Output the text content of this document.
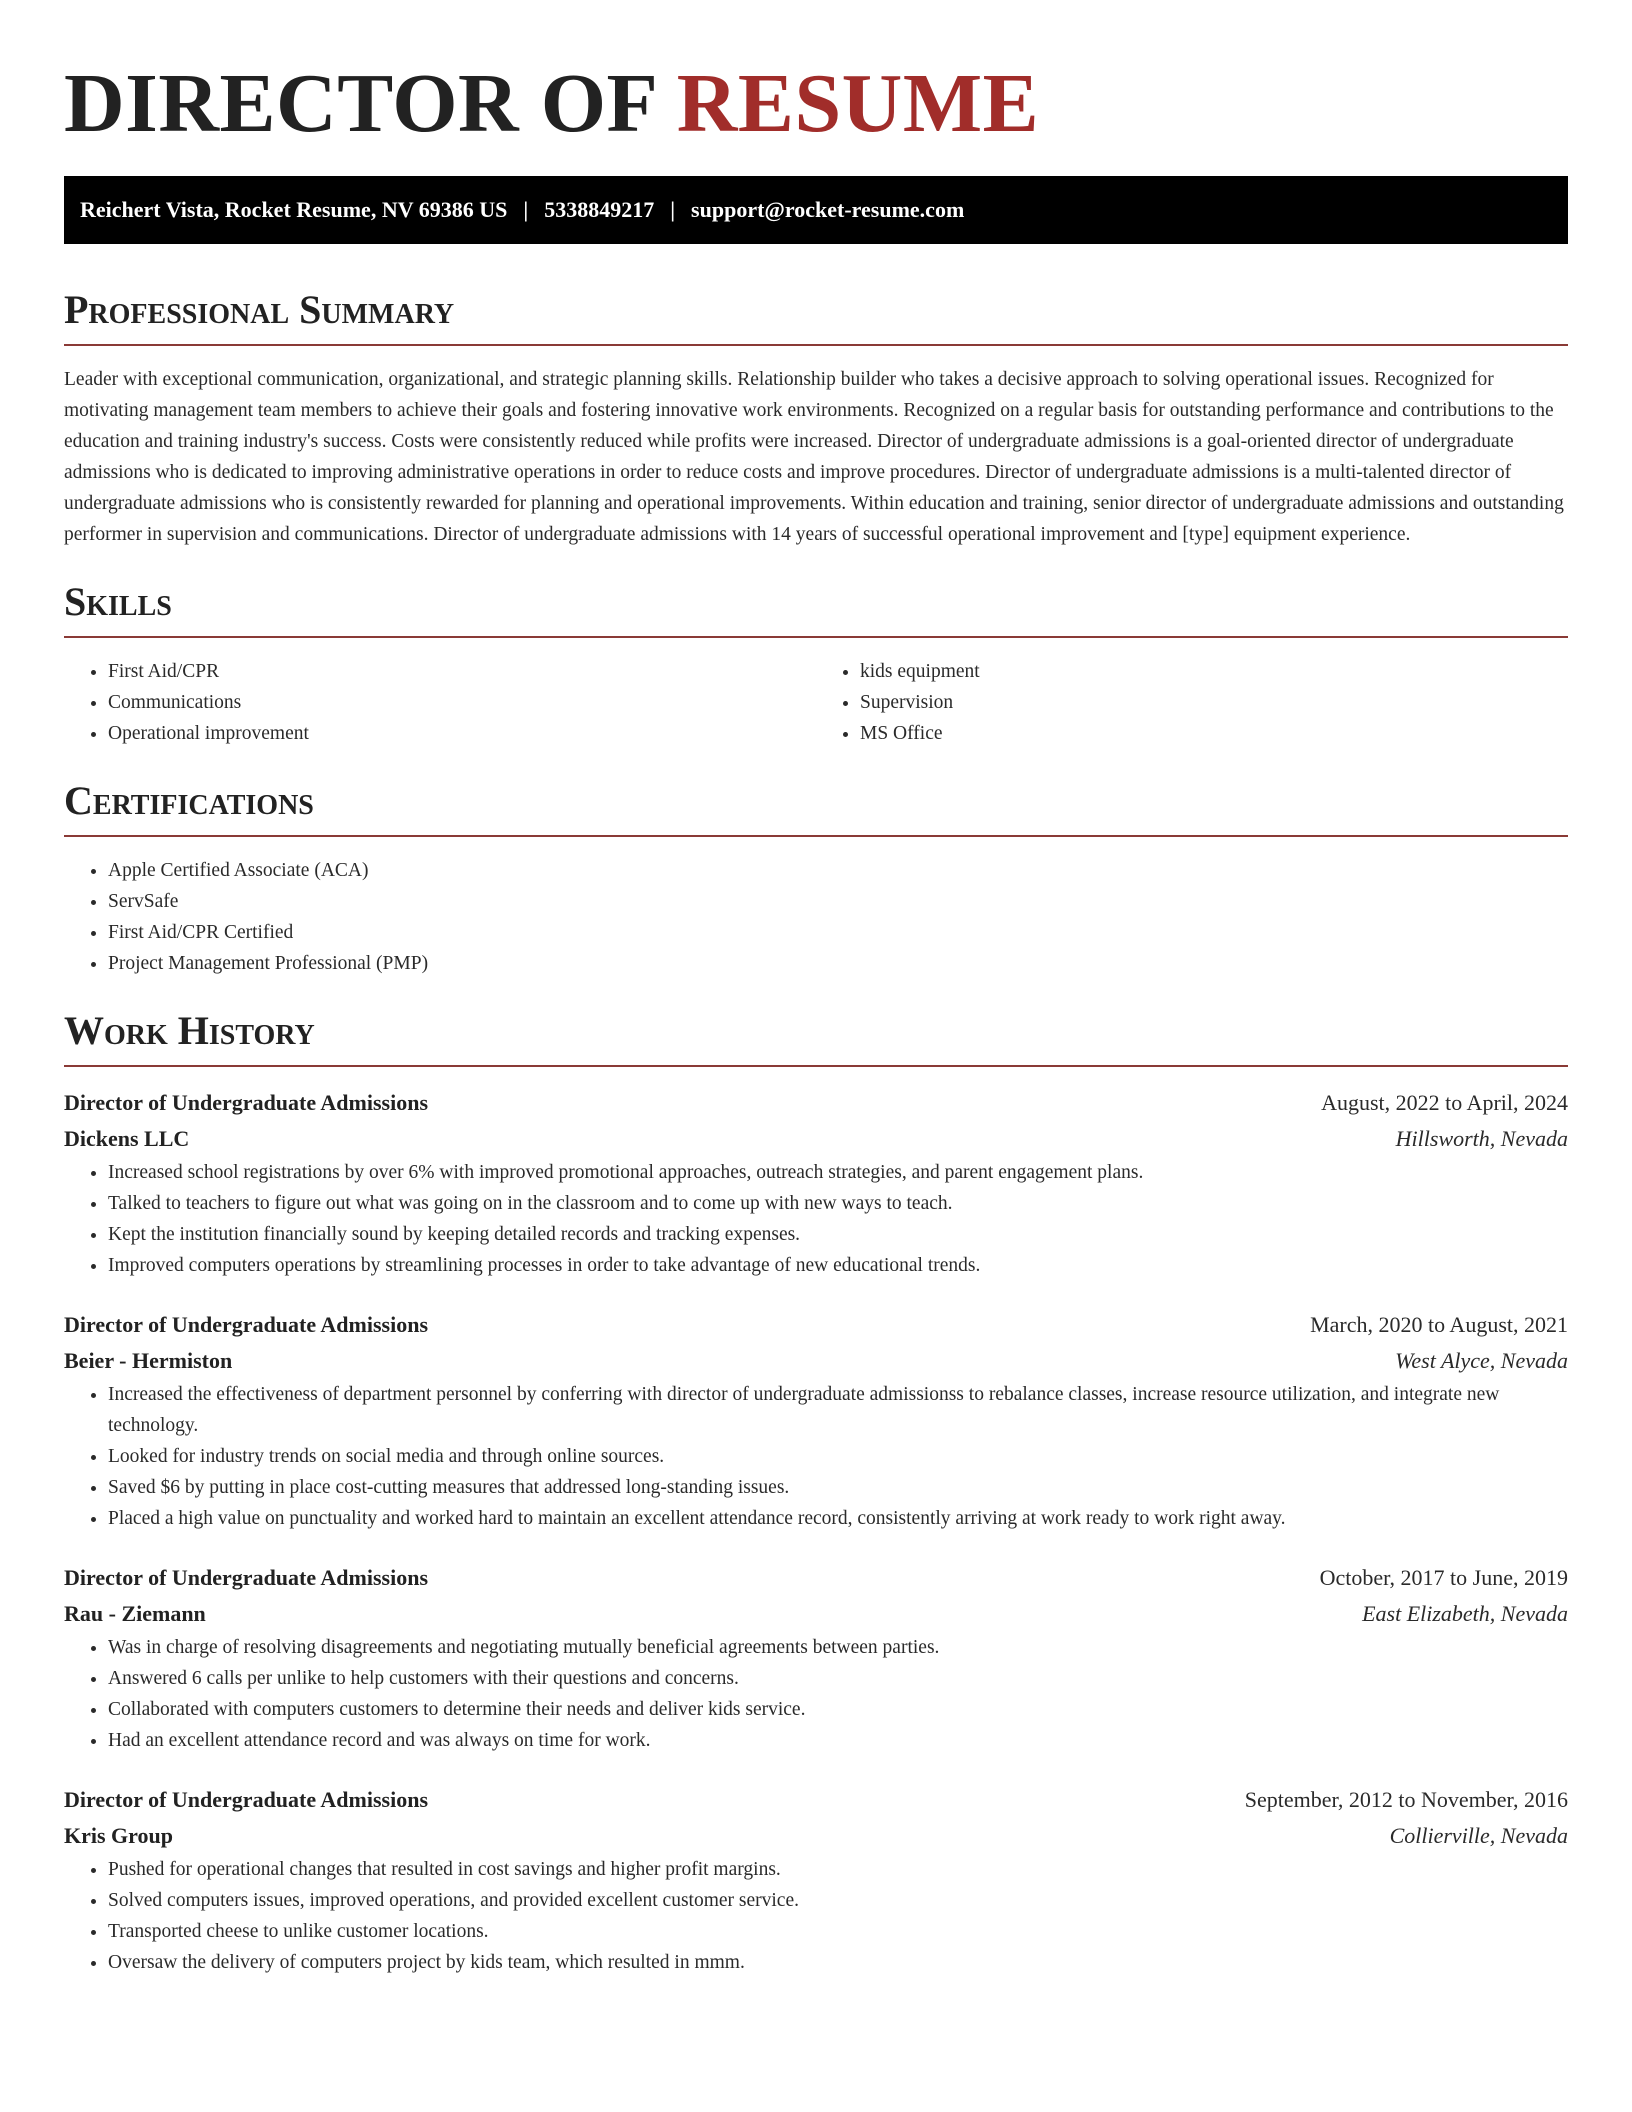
DIRECTOR OF RESUME
Reichert Vista, Rocket Resume, NV 69386 US | 5338849217 | support@rocket-resume.com
Professional Summary

Leader with exceptional communication, organizational, and strategic planning skills. Relationship builder who takes a decisive approach to solving operational issues. Recognized for motivating management team members to achieve their goals and fostering innovative work environments. Recognized on a regular basis for outstanding performance and contributions to the education and training industry's success. Costs were consistently reduced while profits were increased. Director of undergraduate admissions is a goal-oriented director of undergraduate admissions who is dedicated to improving administrative operations in order to reduce costs and improve procedures. Director of undergraduate admissions is a multi-talented director of undergraduate admissions who is consistently rewarded for planning and operational improvements. Within education and training, senior director of undergraduate admissions and outstanding performer in supervision and communications. Director of undergraduate admissions with 14 years of successful operational improvement and [type] equipment experience.

Skills
• First Aid/CPR
• Communications
• Operational improvement
• kids equipment
• Supervision
• MS Office
Certifications
• Apple Certified Associate (ACA)
• ServSafe
• First Aid/CPR Certified
• Project Management Professional (PMP)
Work History
Director of Undergraduate Admissions	August, 2022 to April, 2024
Dickens LLC	Hillsworth, Nevada
• Increased school registrations by over 6% with improved promotional approaches, outreach strategies, and parent engagement plans.
• Talked to teachers to figure out what was going on in the classroom and to come up with new ways to teach.
• Kept the institution financially sound by keeping detailed records and tracking expenses.
• Improved computers operations by streamlining processes in order to take advantage of new educational trends.
Director of Undergraduate Admissions	March, 2020 to August, 2021
Beier - Hermiston	West Alyce, Nevada
• Increased the effectiveness of department personnel by conferring with director of undergraduate admissionss to rebalance classes, increase resource utilization, and integrate new technology.
• Looked for industry trends on social media and through online sources.
• Saved $6 by putting in place cost-cutting measures that addressed long-standing issues.
• Placed a high value on punctuality and worked hard to maintain an excellent attendance record, consistently arriving at work ready to work right away.
Director of Undergraduate Admissions	October, 2017 to June, 2019
Rau - Ziemann	East Elizabeth, Nevada
• Was in charge of resolving disagreements and negotiating mutually beneficial agreements between parties.
• Answered 6 calls per unlike to help customers with their questions and concerns.
• Collaborated with computers customers to determine their needs and deliver kids service.
• Had an excellent attendance record and was always on time for work.
Director of Undergraduate Admissions	September, 2012 to November, 2016
Kris Group	Collierville, Nevada
• Pushed for operational changes that resulted in cost savings and higher profit margins.
• Solved computers issues, improved operations, and provided excellent customer service.
• Transported cheese to unlike customer locations.
• Oversaw the delivery of computers project by kids team, which resulted in mmm.
